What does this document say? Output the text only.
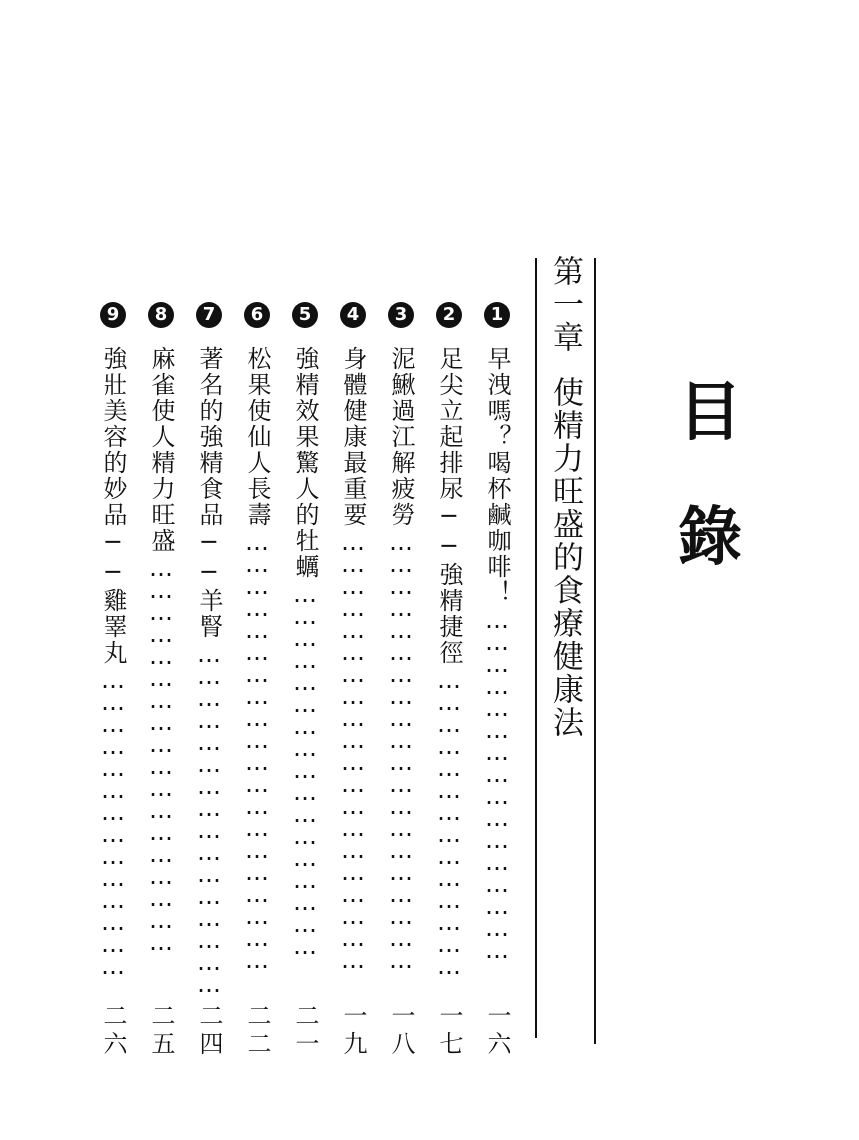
目
錄
第一章使精力旺盛的食療健康法
1
早洩嗎？喝杯鹹咖啡！…………………………………………
一六
2
足尖立起排尿──強精捷徑……………………………………
一七
3
泥鰍過江解疲勞……………………………………………………
一八
4
身體健康最重要……………………………………………………
一九
5
強精效果驚人的牡蠣……………………………………………
二一
6
松果使仙人長壽……………………………………………………
二二
7
著名的強精食品──羊腎…………………………………………
二四
8
麻雀使人精力旺盛………………………………………………
二五
9
強壯美容的妙品──雞睪丸……………………………………
二六
